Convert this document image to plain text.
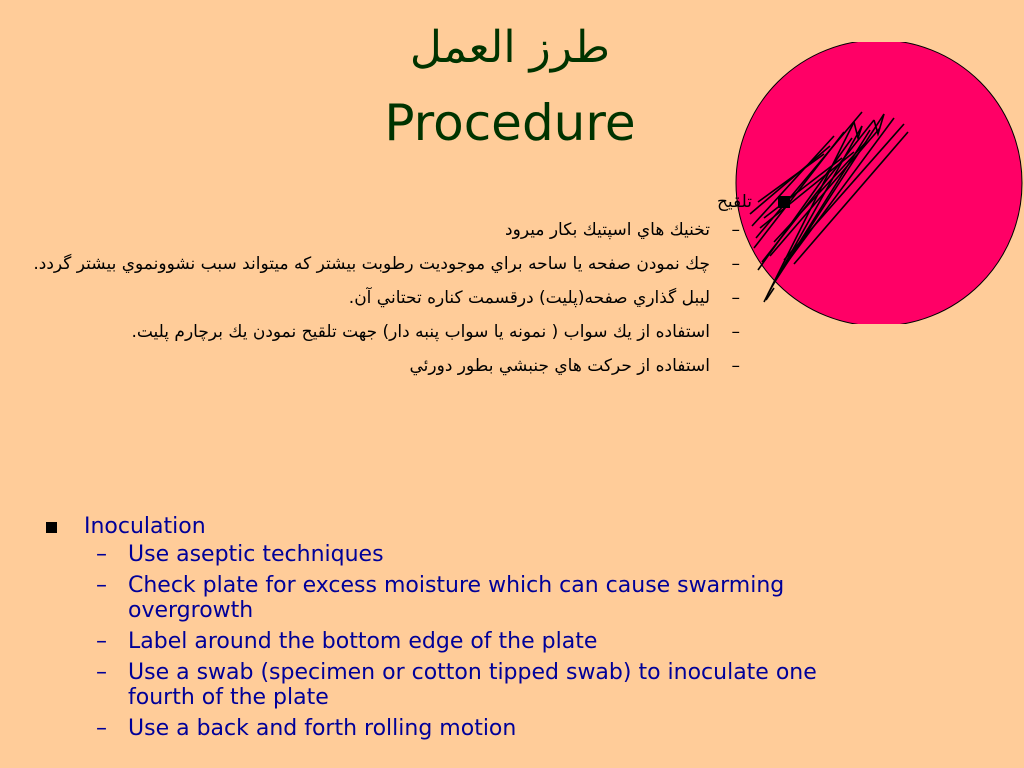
طرز العمل
Procedure
تلقيح
–
تخنيك هاي اسپتيك بكار ميرود
–
چك نمودن صفحه يا ساحه براي موجوديت رطوبت بيشتر كه ميتواند سبب نشوونموي بيشتر گردد.
–
ليبل گذاري صفحه(پليت) درقسمت كناره تحتاني آن.
–
استفاده از يك سواب ( نمونه يا سواب پنبه دار) جهت تلقيح نمودن يك برچارم پليت.
–
استفاده از حركت هاي جنبشي بطور دورئي
Inoculation
– Use aseptic techniques
– Check plate for excess moisture which can cause swarming overgrowth
– Label around the bottom edge of the plate
– Use a swab (specimen or cotton tipped swab) to inoculate one fourth of the plate
– Use a back and forth rolling motion
